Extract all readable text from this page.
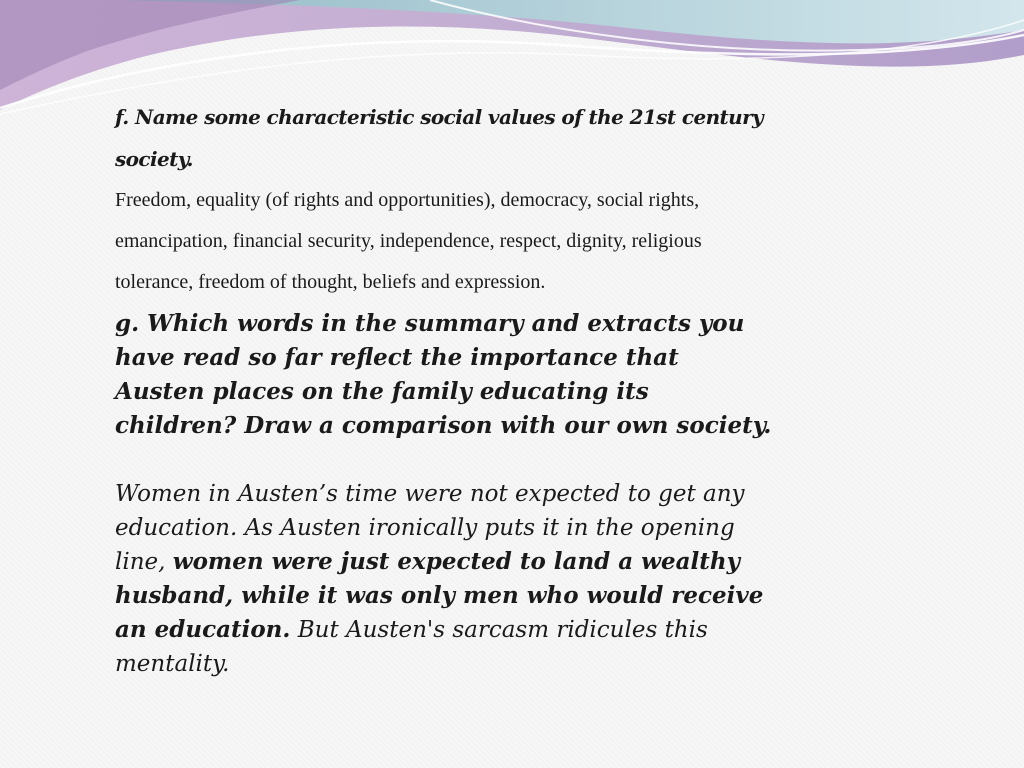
f. Name some characteristic social values of the 21st century society.

Freedom, equality (of rights and opportunities), democracy, social rights, emancipation, financial security, independence, respect, dignity, religious tolerance, freedom of thought, beliefs and expression.

g. Which words in the summary and extracts you have read so far reflect the importance that Austen places on the family educating its children? Draw a comparison with our own society.

Women in Austen’s time were not expected to get any education. As Austen ironically puts it in the opening line, women were just expected to land a wealthy husband, while it was only men who would receive an education. But Austen's sarcasm ridicules this mentality.
